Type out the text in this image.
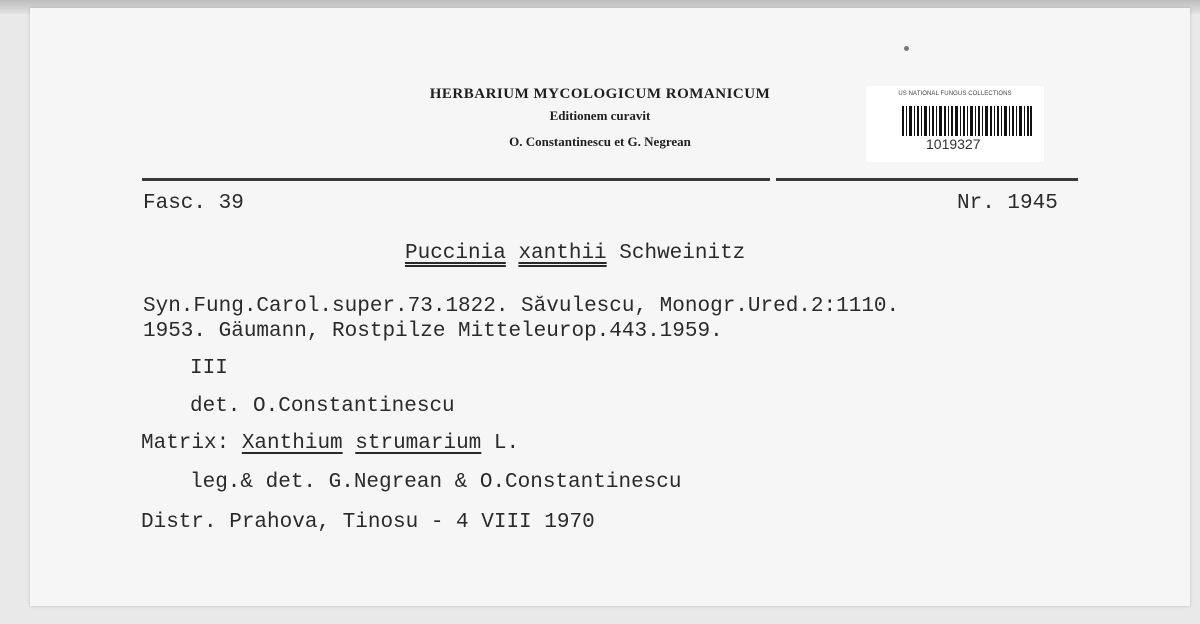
HERBARIUM MYCOLOGICUM ROMANICUM
Editionem curavit
O. Constantinescu et G. Negrean
US NATIONAL FUNGUS COLLECTIONS
1019327
Fasc. 39	Nr. 1945
Puccinia xanthii Schweinitz
Syn.Fung.Carol.super.73.1822. Săvulescu, Monogr.Ured.2:1110.
1953. Gäumann, Rostpilze Mitteleurop.443.1959.
III
det. O.Constantinescu
Matrix: Xanthium strumarium L.
leg.& det. G.Negrean & O.Constantinescu
Distr. Prahova, Tinosu - 4 VIII 1970
